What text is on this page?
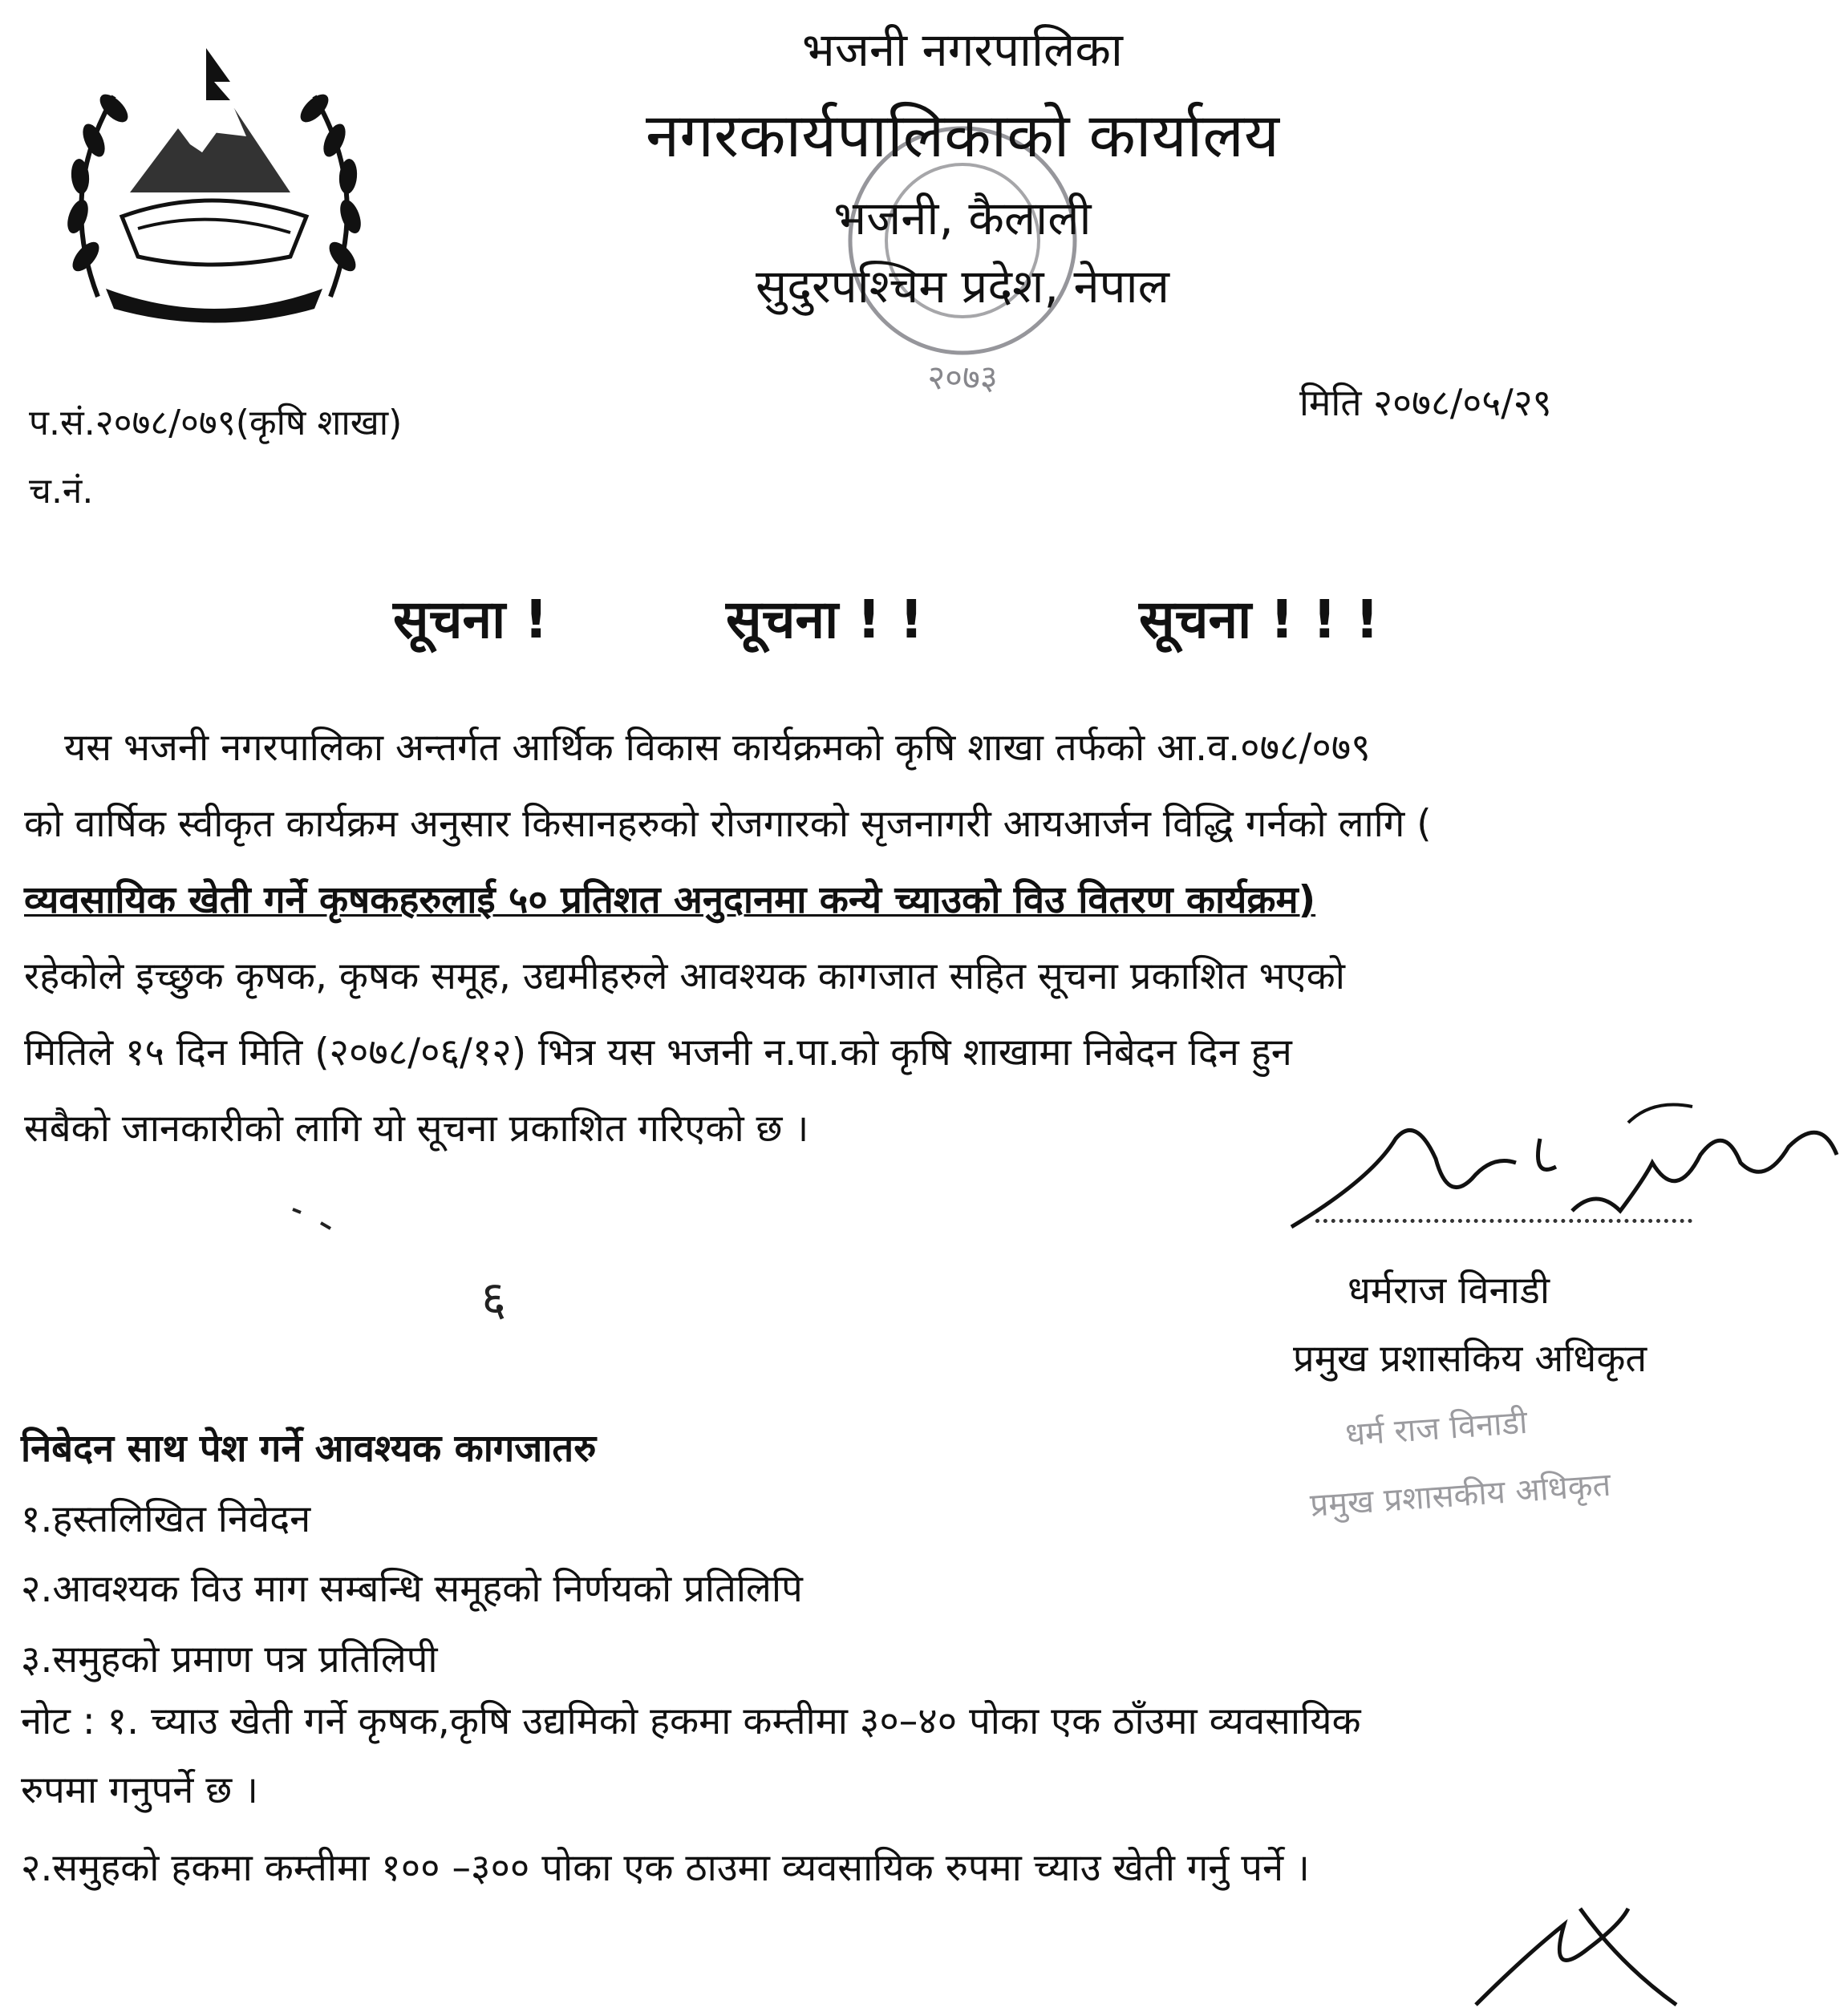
२०७३
भजनी नगरपालिका
नगरकार्यपालिकाको कार्यालय
भजनी, कैलाली
सुदुरपश्चिम प्रदेश, नेपाल
प.सं.२०७८/०७९(कृषि शाखा)
च.नं.
मिति २०७८/०५/२९
सूचना !	सूचना ! !	सूचना ! ! !
यस भजनी नगरपालिका अन्तर्गत आर्थिक विकास कार्यक्रमको कृषि शाखा तर्फको आ.व.०७८/०७९
को वार्षिक स्वीकृत कार्यक्रम अनुसार किसानहरुको रोजगारको सृजनागरी आयआर्जन विद्धि गर्नको लागि (
व्यवसायिक खेती गर्ने कृषकहरुलाई ५० प्रतिशत अनुदानमा कन्ये च्याउको विउ वितरण कार्यक्रम)
रहेकोले इच्छुक कृषक, कृषक समूह, उद्यमीहरुले आवश्यक कागजात सहित सूचना प्रकाशित भएको
मितिले १५ दिन मिति (२०७८/०६/१२) भित्र यस भजनी न.पा.को कृषि शाखामा निबेदन दिन हुन
सबैको जानकारीको लागि यो सूचना प्रकाशित गरिएको छ ।
६	धर्मराज विनाडी
प्रमुख प्रशासकिय अधिकृत
धर्म राज विनाडी
प्रमुख प्रशासकीय अधिकृत
निबेदन साथ पेश गर्ने आवश्यक कागजातरु
१.हस्तलिखित निवेदन
२.आवश्यक विउ माग सम्बन्धि समूहको निर्णयको प्रतिलिपि
३.समुहको प्रमाण पत्र प्रतिलिपी
नोट : १. च्याउ खेती गर्ने कृषक,कृषि उद्यमिको हकमा कम्तीमा ३०–४० पोका एक ठाँउमा व्यवसायिक
रुपमा गनुपर्ने छ ।
२.समुहको हकमा कम्तीमा १०० –३०० पोका एक ठाउमा व्यवसायिक रुपमा च्याउ खेती गर्नु पर्ने ।
